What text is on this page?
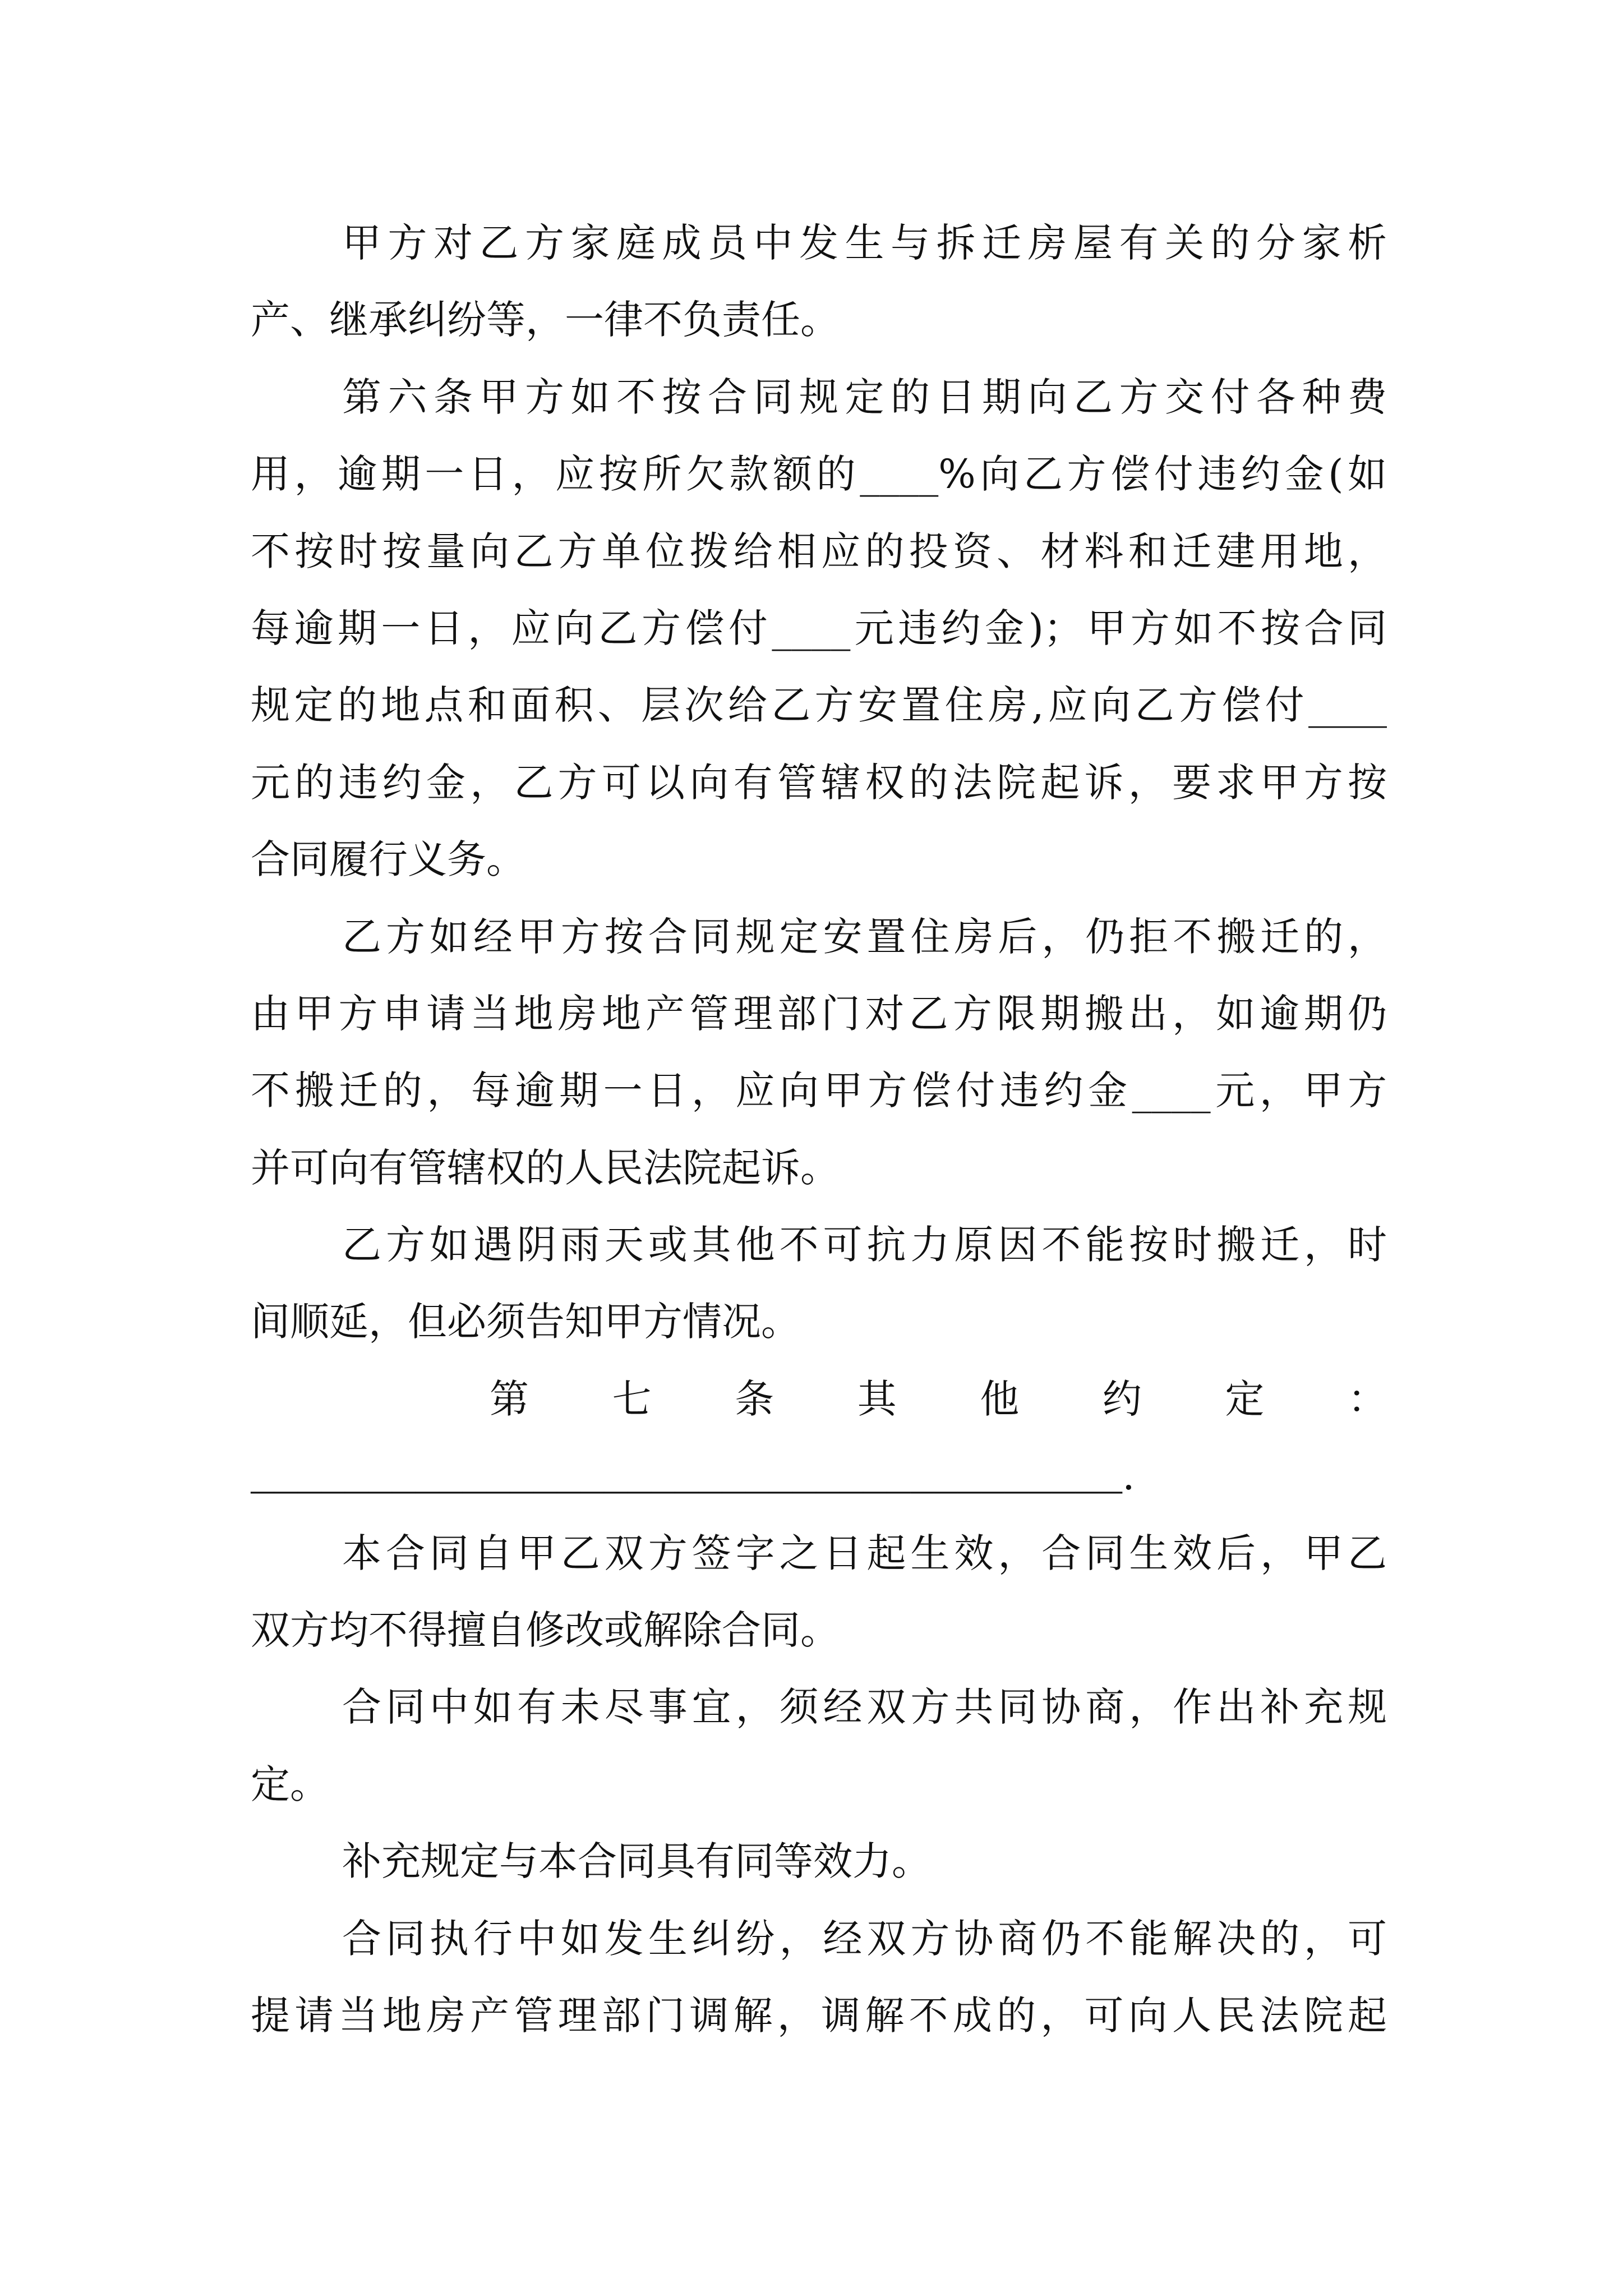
甲方对乙方家庭成员中发生与拆迁房屋有关的分家析
产、继承纠纷等，一律不负责任。
第六条甲方如不按合同规定的日期向乙方交付各种费
用，逾期一日，应按所欠款额的____%向乙方偿付违约金(如
不按时按量向乙方单位拨给相应的投资、材料和迁建用地，
每逾期一日，应向乙方偿付____元违约金)；甲方如不按合同
规定的地点和面积、层次给乙方安置住房,应向乙方偿付____
元的违约金，乙方可以向有管辖权的法院起诉，要求甲方按
合同履行义务。
乙方如经甲方按合同规定安置住房后，仍拒不搬迁的，
由甲方申请当地房地产管理部门对乙方限期搬出，如逾期仍
不搬迁的，每逾期一日，应向甲方偿付违约金____元，甲方
并可向有管辖权的人民法院起诉。
乙方如遇阴雨天或其他不可抗力原因不能按时搬迁，时
间顺延，但必须告知甲方情况。
第七条其他约定：
_____________________________________.
本合同自甲乙双方签字之日起生效，合同生效后，甲乙
双方均不得擅自修改或解除合同。
合同中如有未尽事宜，须经双方共同协商，作出补充规
定。
补充规定与本合同具有同等效力。
合同执行中如发生纠纷，经双方协商仍不能解决的，可
提请当地房产管理部门调解，调解不成的，可向人民法院起
